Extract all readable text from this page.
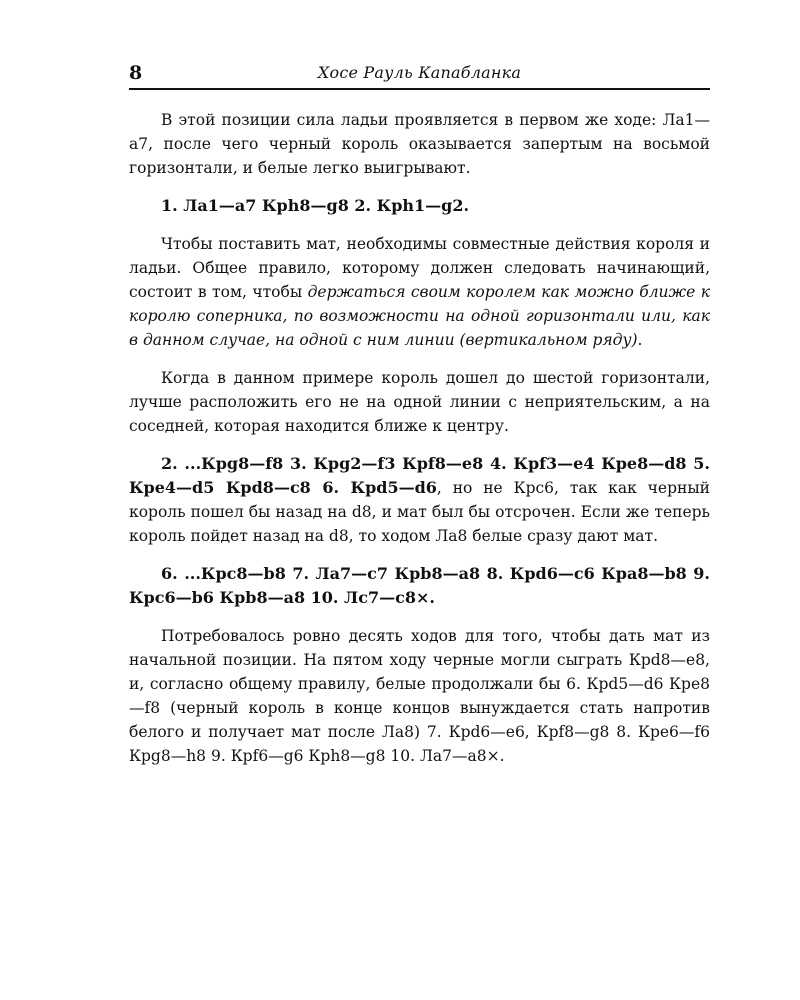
8	Хосе Рауль Капабланка

В этой позиции сила ладьи проявляется в первом же ходе: Ла1—а7, после чего черный король оказывается запертым на восьмой горизонтали, и белые легко выигрывают.

1. Ла1—а7 Крh8—g8 2. Крh1—g2.

Чтобы поставить мат, необходимы совместные действия короля и ладьи. Общее правило, которому должен следовать начинающий, состоит в том, чтобы держаться своим королем как можно ближе к королю соперника, по возможности на одной горизонтали или, как в данном случае, на одной с ним линии (вертикальном ряду).

Когда в данном примере король дошел до шестой горизонтали, лучше расположить его не на одной линии с неприятельским, а на соседней, которая находится ближе к центру.

2. ...Крg8—f8 3. Крg2—f3 Крf8—e8 4. Крf3—e4 Крe8—d8 5. Крe4—d5 Крd8—c8 6. Крd5—d6, но не Крc6, так как черный король пошел бы назад на d8, и мат был бы отсрочен. Если же теперь король пойдет назад на d8, то ходом Ла8 белые сразу дают мат.

6. ...Крc8—b8 7. Ла7—c7 Крb8—a8 8. Крd6—c6 Крa8—b8 9. Крc6—b6 Крb8—a8 10. Лc7—c8×.

Потребовалось ровно десять ходов для того, чтобы дать мат из начальной позиции. На пятом ходу черные могли сыграть Крd8—e8, и, согласно общему правилу, белые продолжали бы 6. Крd5—d6 Крe8—f8 (черный король в конце концов вынуждается стать напротив белого и получает мат после Ла8) 7. Крd6—e6, Крf8—g8 8. Крe6—f6 Крg8—h8 9. Крf6—g6 Крh8—g8 10. Ла7—a8×.
